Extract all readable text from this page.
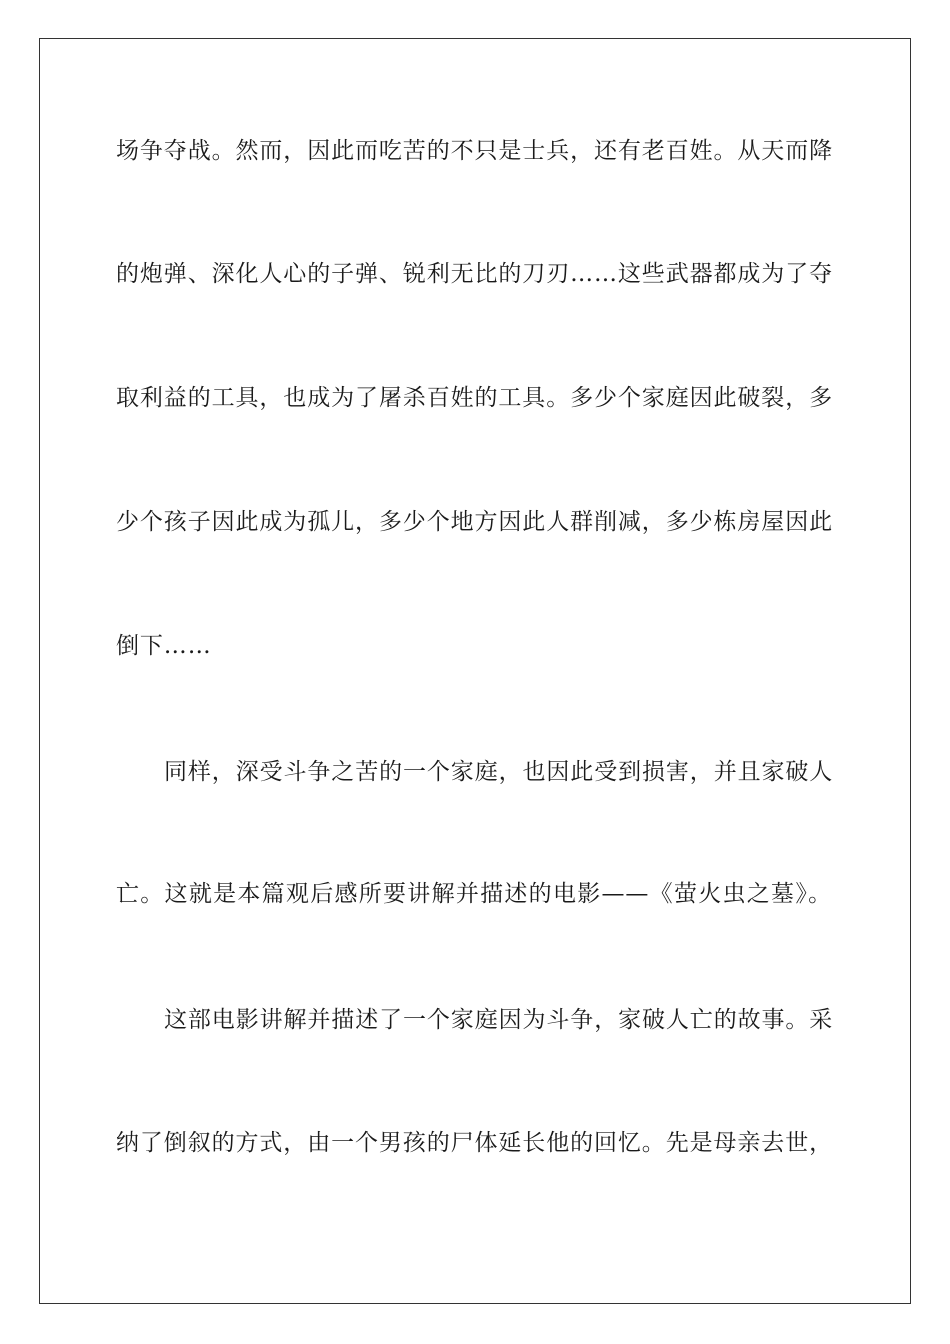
场争夺战。然而，因此而吃苦的不只是士兵，还有老百姓。从天而降
的炮弹、深化人心的子弹、锐利无比的刀刃……这些武器都成为了夺
取利益的工具，也成为了屠杀百姓的工具。多少个家庭因此破裂，多
少个孩子因此成为孤儿，多少个地方因此人群削减，多少栋房屋因此
倒下……
同样，深受斗争之苦的一个家庭，也因此受到损害，并且家破人
亡。这就是本篇观后感所要讲解并描述的电影——《萤火虫之墓》。
这部电影讲解并描述了一个家庭因为斗争，家破人亡的故事。采
纳了倒叙的方式，由一个男孩的尸体延长他的回忆。先是母亲去世，
